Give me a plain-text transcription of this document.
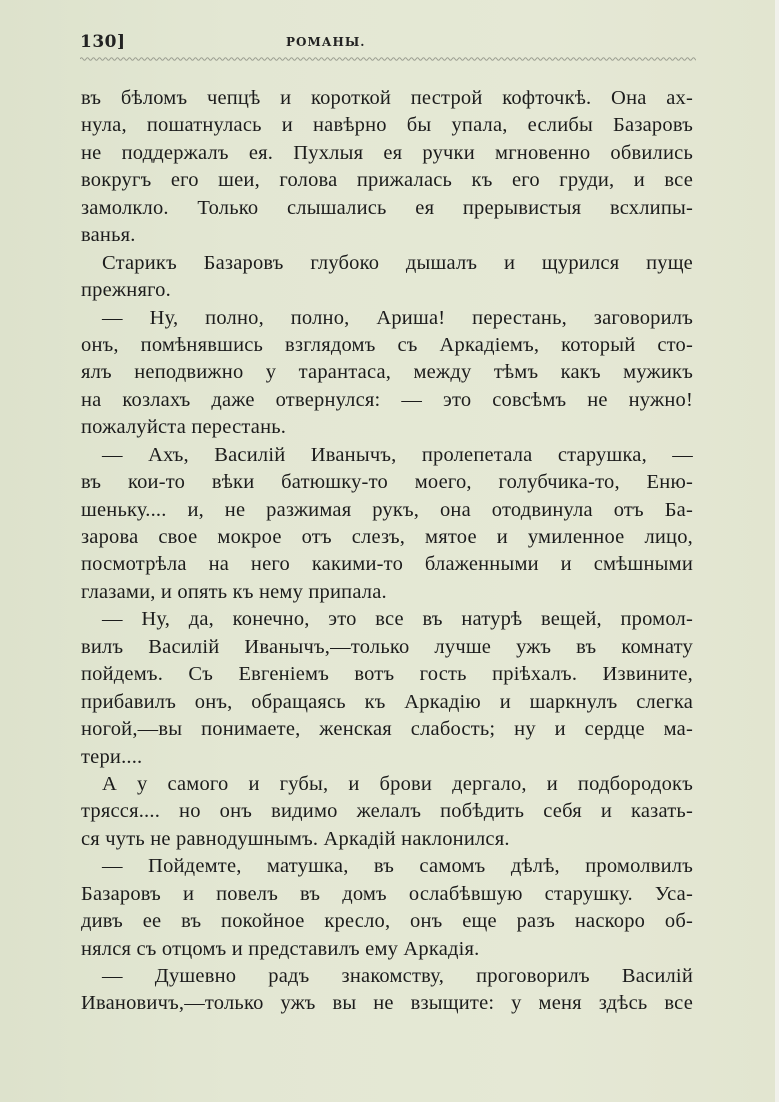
130]	РОМАНЫ.
въ бѣломъ чепцѣ и короткой пестрой кофточкѣ. Она ах-
нула, пошатнулась и навѣрно бы упала, еслибы Базаровъ
не поддержалъ ея. Пухлыя ея ручки мгновенно обвились
вокругъ его шеи, голова прижалась къ его груди, и все
замолкло. Только слышались ея прерывистыя всхлипы-
ванья.
Старикъ Базаровъ глубоко дышалъ и щурился пуще
прежняго.
— Ну, полно, полно, Ариша! перестань, заговорилъ
онъ, помѣнявшись взглядомъ съ Аркадіемъ, который сто-
ялъ неподвижно у тарантаса, между тѣмъ какъ мужикъ
на козлахъ даже отвернулся: — это совсѣмъ не нужно!
пожалуйста перестань.
— Ахъ, Василій Иванычъ, пролепетала старушка, —
въ кои-то вѣки батюшку-то моего, голубчика-то, Еню-
шеньку.... и, не разжимая рукъ, она отодвинула отъ Ба-
зарова свое мокрое отъ слезъ, мятое и умиленное лицо,
посмотрѣла на него какими-то блаженными и смѣшными
глазами, и опять къ нему припала.
— Ну, да, конечно, это все въ натурѣ вещей, промол-
вилъ Василій Иванычъ,—только лучше ужъ въ комнату
пойдемъ. Съ Евгеніемъ вотъ гость пріѣхалъ. Извините,
прибавилъ онъ, обращаясь къ Аркадію и шаркнулъ слегка
ногой,—вы понимаете, женская слабость; ну и сердце ма-
тери....
А у самого и губы, и брови дергало, и подбородокъ
трясся.... но онъ видимо желалъ побѣдить себя и казать-
ся чуть не равнодушнымъ. Аркадій наклонился.
— Пойдемте, матушка, въ самомъ дѣлѣ, промолвилъ
Базаровъ и повелъ въ домъ ослабѣвшую старушку. Уса-
дивъ ее въ покойное кресло, онъ еще разъ наскоро об-
нялся съ отцомъ и представилъ ему Аркадія.
— Душевно радъ знакомству, проговорилъ Василій
Ивановичъ,—только ужъ вы не взыщите: у меня здѣсь все
